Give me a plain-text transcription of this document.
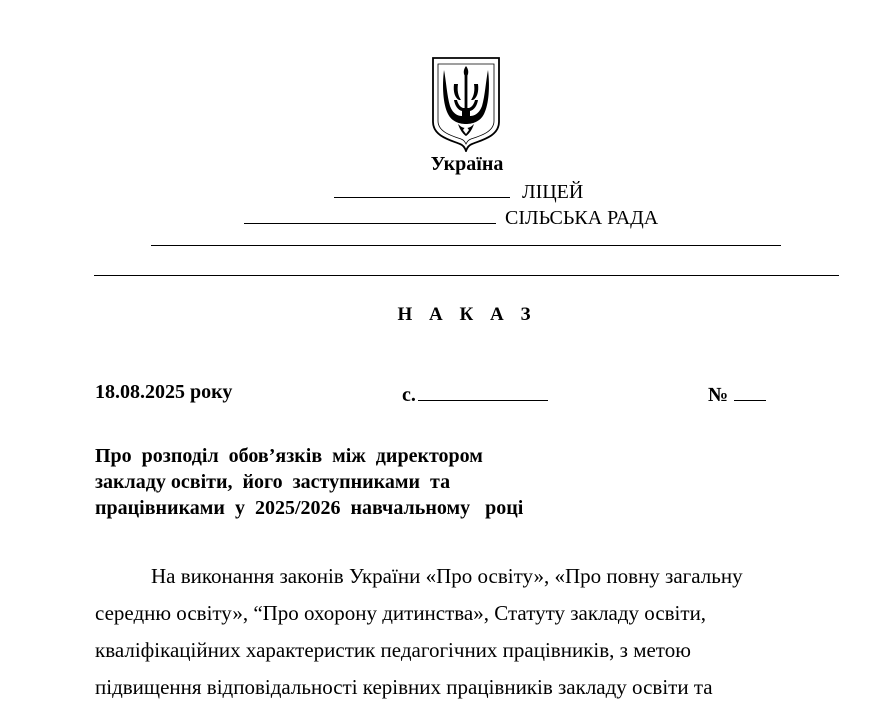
Україна
ЛІЦЕЙ
СІЛЬСЬКА РАДА
Н А К А З
18.08.2025 року	с.	№
Про  розподіл  обов’язків  між  директором
закладу освіти,  його  заступниками  та
працівниками  у  2025/2026  навчальному   році
На виконання законів України «Про освіту», «Про повну загальну
середню освіту», “Про охорону дитинства», Статуту закладу освіти,
кваліфікаційних характеристик педагогічних працівників, з метою
підвищення відповідальності керівних працівників закладу освіти та
